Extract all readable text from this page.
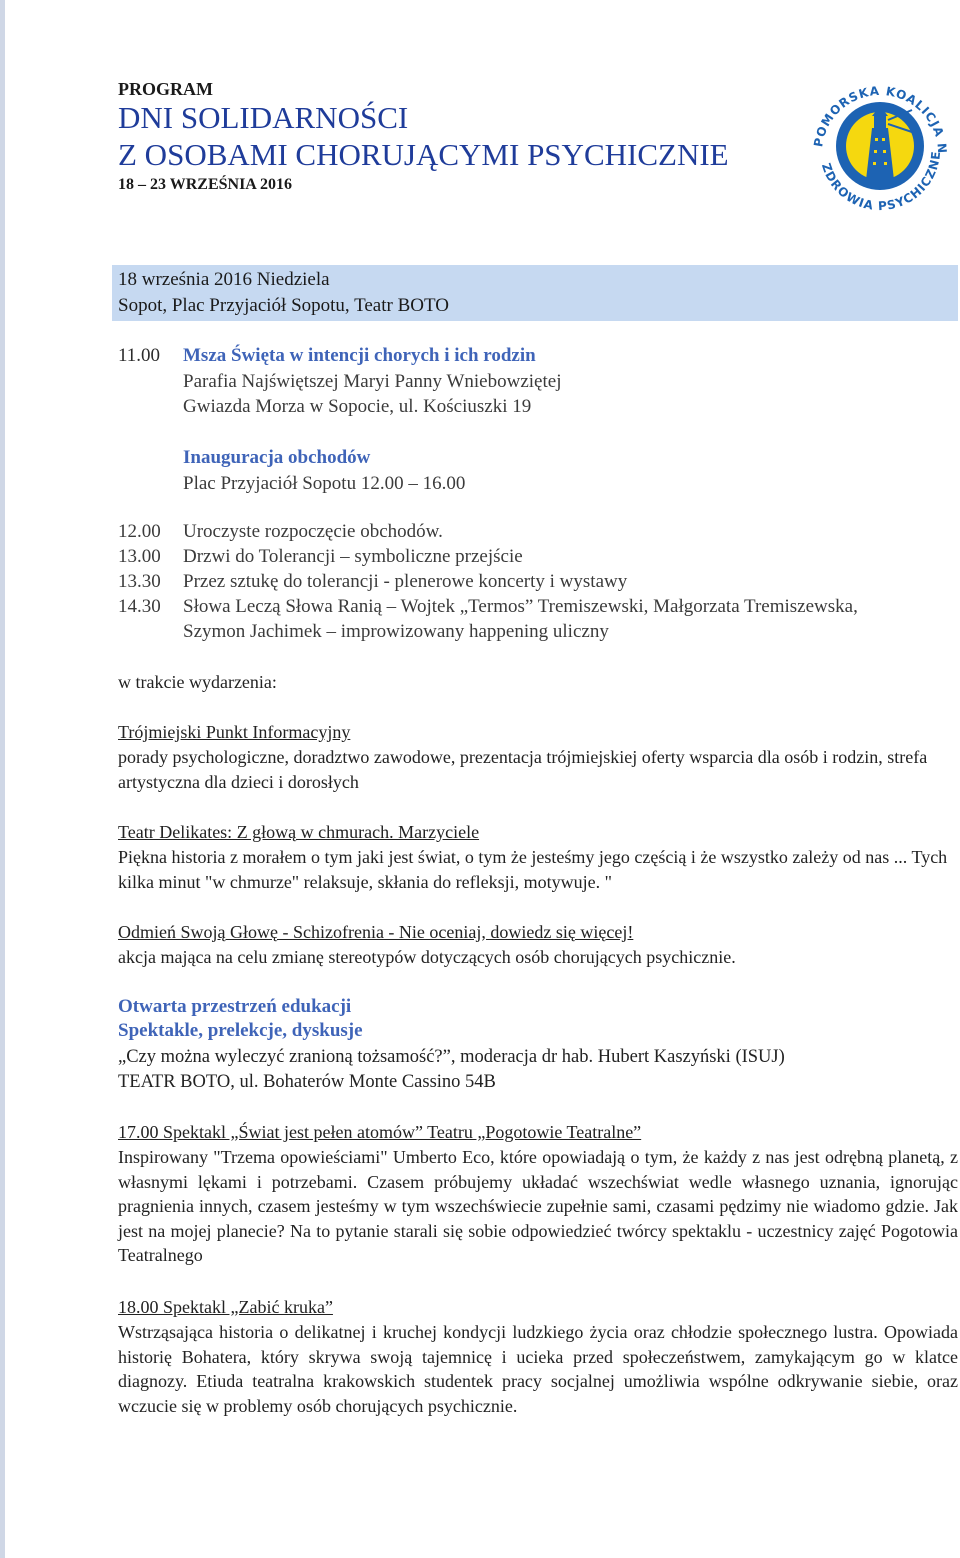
PROGRAM
DNI SOLIDARNOŚCI
Z OSOBAMI CHORUJĄCYMI PSYCHICZNIE
18 – 23 WRZEŚNIA 2016
POMORSKA KOALICJA N
ZDROWIA PSYCHICZNE
18 września 2016 Niedziela
Sopot, Plac Przyjaciół Sopotu, Teatr BOTO
11.00 Msza Święta w intencji chorych i ich rodzin
Parafia Najświętszej Maryi Panny Wniebowziętej
Gwiazda Morza w Sopocie, ul. Kościuszki 19
Inauguracja obchodów
Plac Przyjaciół Sopotu 12.00 – 16.00
12.00 Uroczyste rozpoczęcie obchodów.
13.00 Drzwi do Tolerancji – symboliczne przejście
13.30 Przez sztukę do tolerancji - plenerowe koncerty i wystawy
14.30 Słowa Leczą Słowa Ranią – Wojtek „Termos” Tremiszewski, Małgorzata Tremiszewska,
Szymon Jachimek – improwizowany happening uliczny
w trakcie wydarzenia:
Trójmiejski Punkt Informacyjny
porady psychologiczne, doradztwo zawodowe, prezentacja trójmiejskiej oferty wsparcia dla osób i rodzin, strefa artystyczna dla dzieci i dorosłych
Teatr Delikates: Z głową w chmurach. Marzyciele
Piękna historia z morałem o tym jaki jest świat, o tym że jesteśmy jego częścią i że wszystko zależy od nas ... Tych kilka minut "w chmurze" relaksuje, skłania do refleksji, motywuje. "
Odmień Swoją Głowę - Schizofrenia - Nie oceniaj, dowiedz się więcej!
akcja mająca na celu zmianę stereotypów dotyczących osób chorujących psychicznie.
Otwarta przestrzeń edukacji
Spektakle, prelekcje, dyskusje
„Czy można wyleczyć zranioną tożsamość?”, moderacja dr hab. Hubert Kaszyński (ISUJ)
TEATR BOTO, ul. Bohaterów Monte Cassino 54B
17.00 Spektakl „Świat jest pełen atomów” Teatru „Pogotowie Teatralne”
Inspirowany "Trzema opowieściami" Umberto Eco, które opowiadają o tym, że każdy z nas jest odrębną planetą, z własnymi lękami i potrzebami. Czasem próbujemy układać wszechświat wedle własnego uznania, ignorując pragnienia innych, czasem jesteśmy w tym wszechświecie zupełnie sami, czasami pędzimy nie wiadomo gdzie. Jak jest na mojej planecie? Na to pytanie starali się sobie odpowiedzieć twórcy spektaklu - uczestnicy zajęć Pogotowia Teatralnego
18.00 Spektakl „Zabić kruka”
Wstrząsająca historia o delikatnej i kruchej kondycji ludzkiego życia oraz chłodzie społecznego lustra. Opowiada historię Bohatera, który skrywa swoją tajemnicę i ucieka przed społeczeństwem, zamykającym go w klatce diagnozy. Etiuda teatralna krakowskich studentek pracy socjalnej umożliwia wspólne odkrywanie siebie, oraz wczucie się w problemy osób chorujących psychicznie.
